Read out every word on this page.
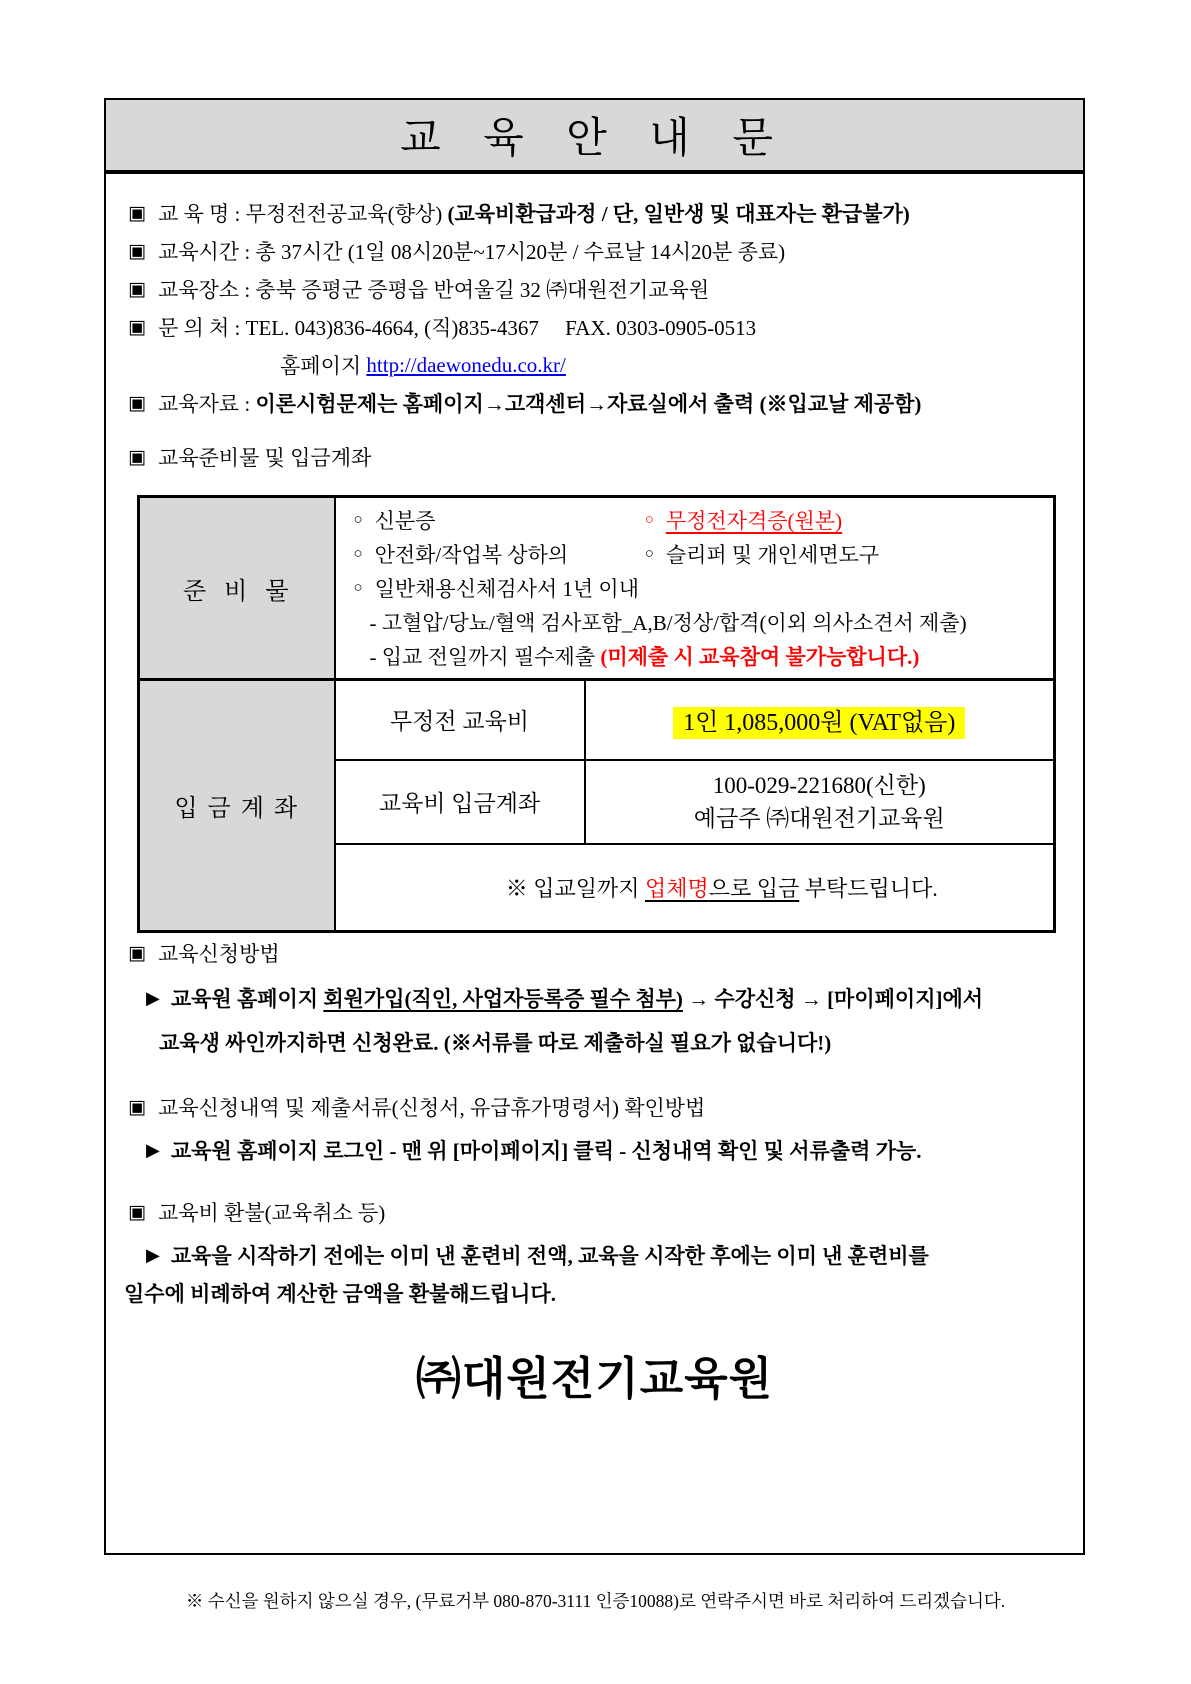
교 육 안 내 문
▣ 교 육 명 : 무정전전공교육(향상) (교육비환급과정 / 단, 일반생 및 대표자는 환급불가)
▣ 교육시간 : 총 37시간 (1일 08시20분~17시20분 / 수료날 14시20분 종료)
▣ 교육장소 : 충북 증평군 증평읍 반여울길 32 ㈜대원전기교육원
▣ 문 의 처 : TEL. 043)836-4664, (직)835-4367     FAX. 0303-0905-0513
홈페이지 http://daewonedu.co.kr/
▣ 교육자료 : 이론시험문제는 홈페이지→고객센터→자료실에서 출력 (※입교날 제공함)
▣ 교육준비물 및 입금계좌
준  비  물	
○ 신분증	○ 무정전자격증(원본)
○ 안전화/작업복 상하의	○ 슬리퍼 및 개인세면도구
○ 일반채용신체검사서 1년 이내
- 고혈압/당뇨/혈액 검사포함_A,B/정상/합격(이외 의사소견서 제출)
- 입교 전일까지 필수제출 (미제출 시 교육참여 불가능합니다.)

입 금 계 좌	무정전 교육비	1인 1,085,000원 (VAT없음)
	교육비 입금계좌	100-029-221680(신한)
예금주 ㈜대원전기교육원

※ 입교일까지 업체명으로 입금 부탁드립니다.	

▣ 교육신청방법
▶ 교육원 홈페이지 회원가입(직인, 사업자등록증 필수 첨부) → 수강신청 → [마이페이지]에서
교육생 싸인까지하면 신청완료. (※서류를 따로 제출하실 필요가 없습니다!)
▣ 교육신청내역 및 제출서류(신청서, 유급휴가명령서) 확인방법
▶ 교육원 홈페이지 로그인 - 맨 위 [마이페이지] 클릭 - 신청내역 확인 및 서류출력 가능.
▣ 교육비 환불(교육취소 등)
▶ 교육을 시작하기 전에는 이미 낸 훈련비 전액, 교육을 시작한 후에는 이미 낸 훈련비를
일수에 비례하여 계산한 금액을 환불해드립니다.
㈜대원전기교육원
※ 수신을 원하지 않으실 경우, (무료거부 080-870-3111 인증10088)로 연락주시면 바로 처리하여 드리겠습니다.
